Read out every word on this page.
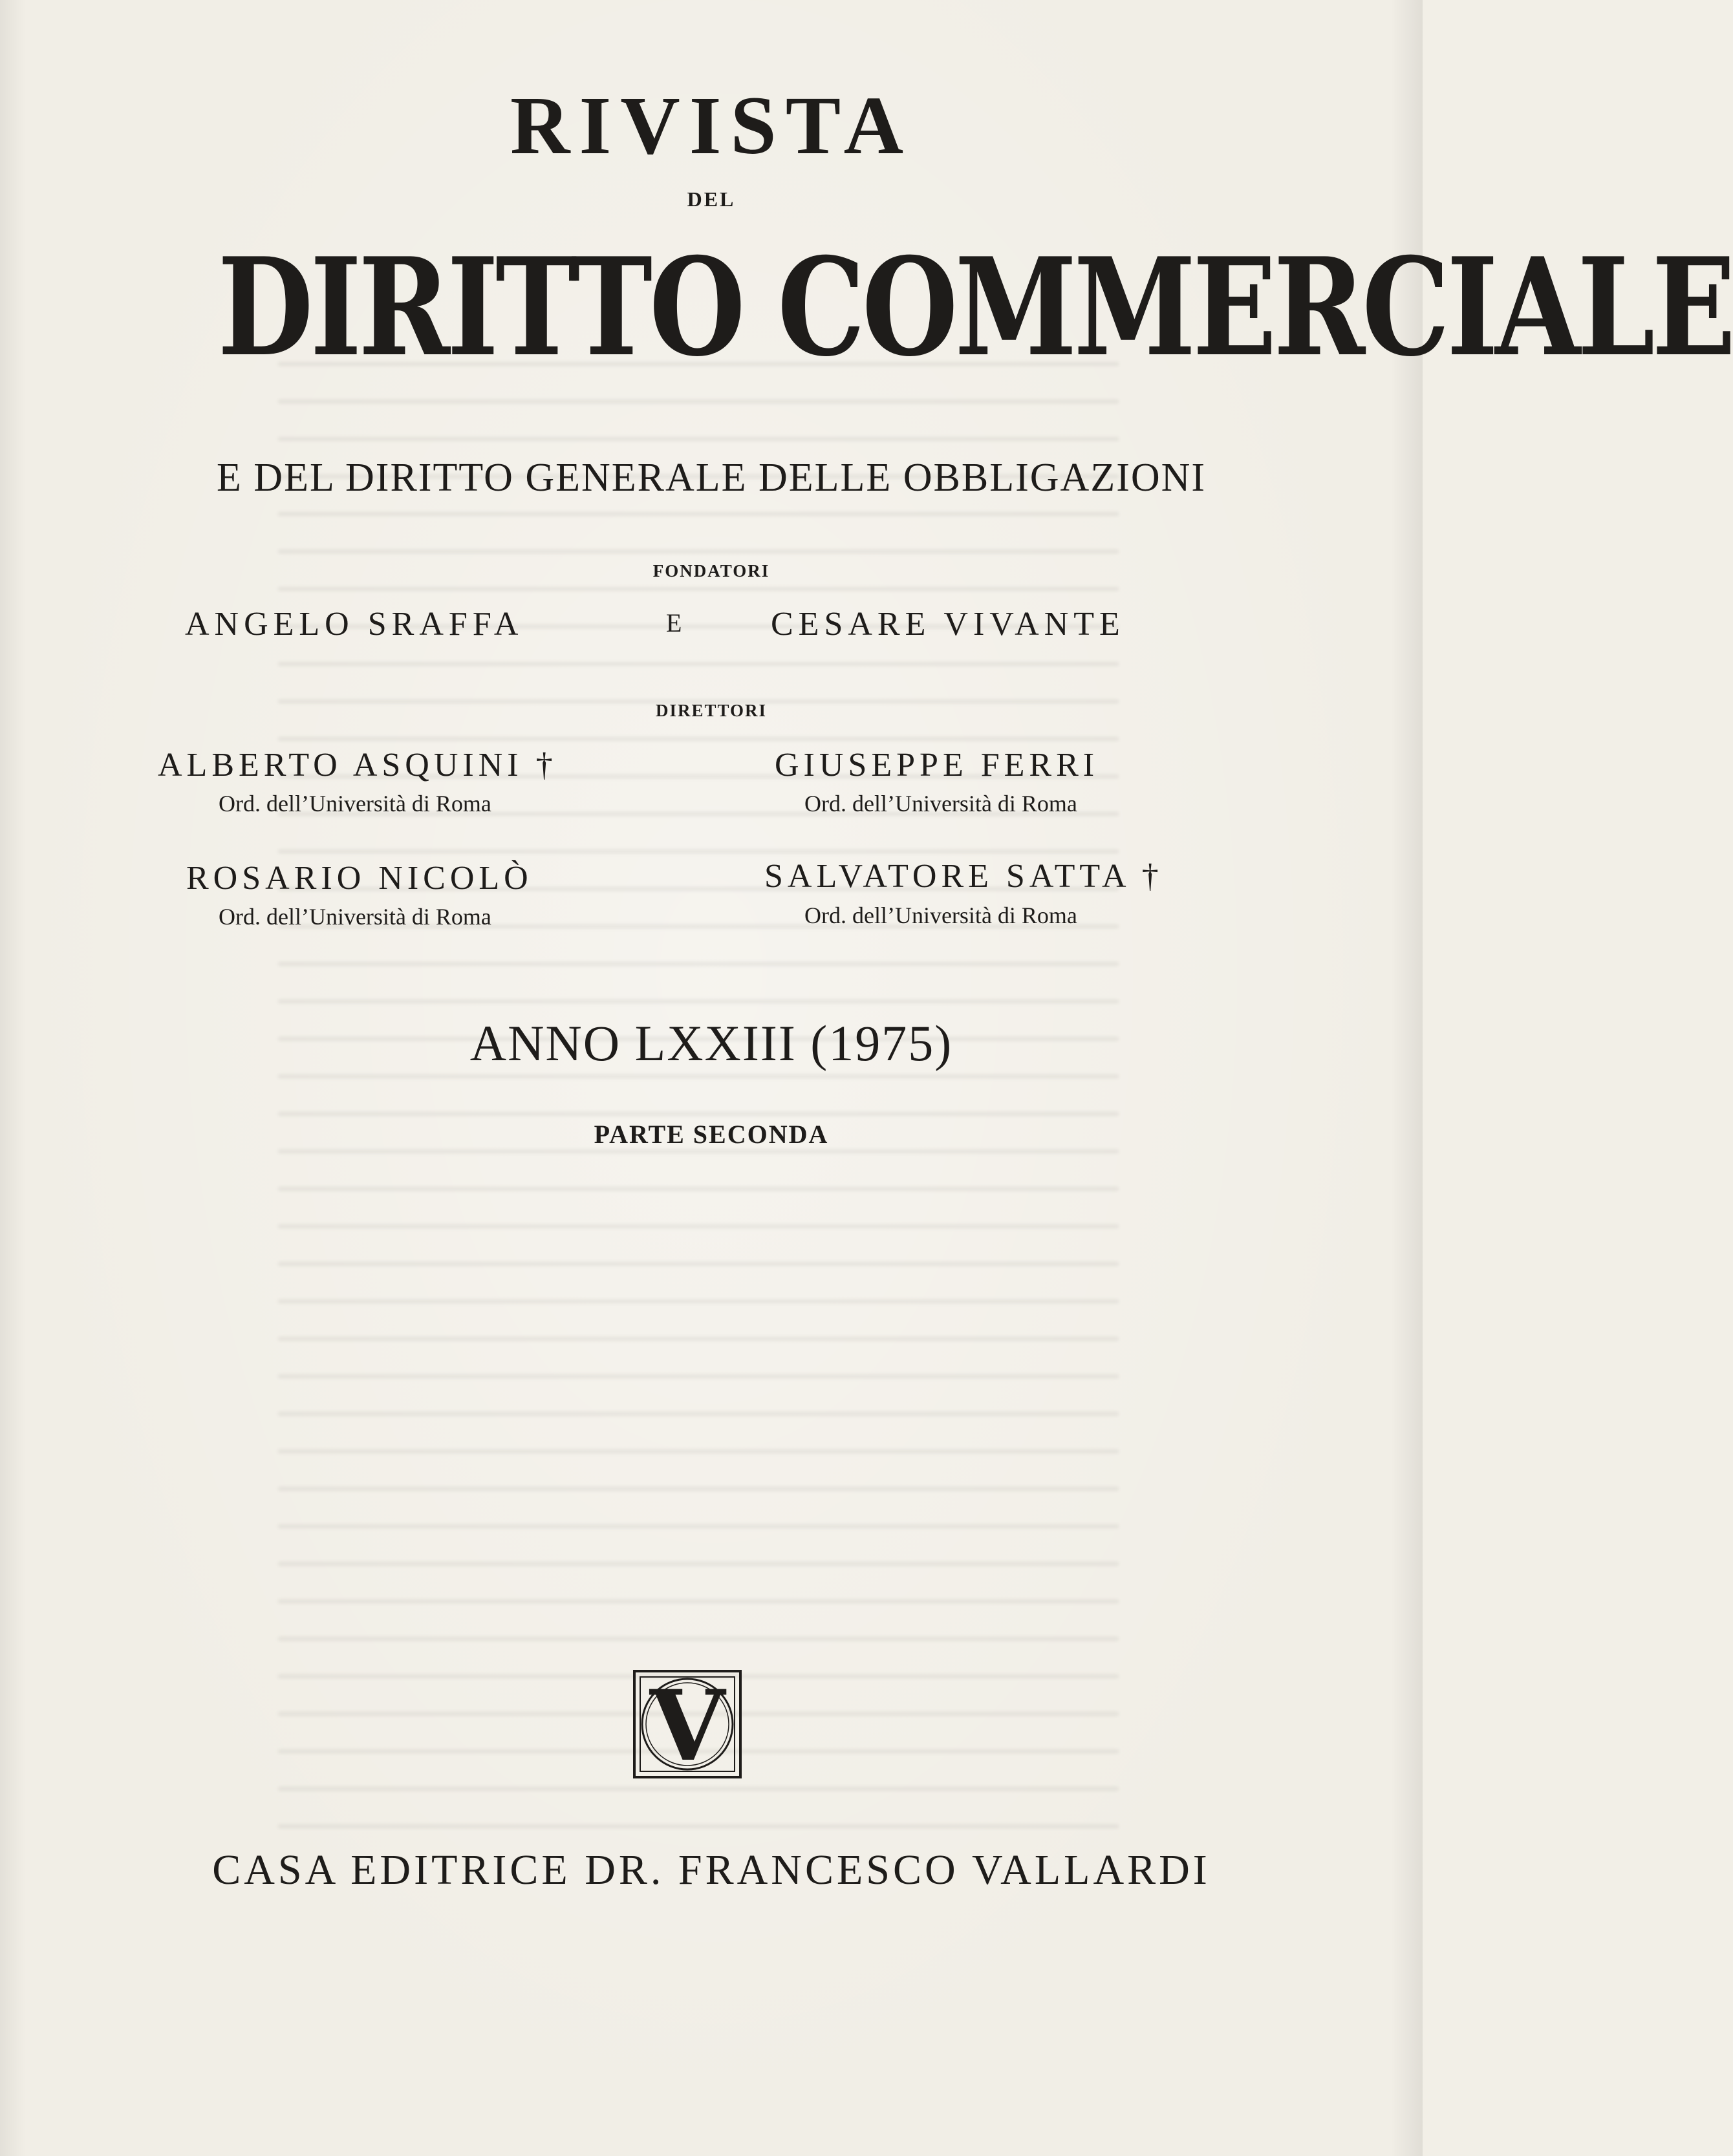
RIVISTA
DEL
DIRITTO COMMERCIALE
E DEL DIRITTO GENERALE DELLE OBBLIGAZIONI
FONDATORI
ANGELO SRAFFA	E	CESARE VIVANTE
DIRETTORI
ALBERTO ASQUINI †
Ord. dell’Università di Roma
GIUSEPPE FERRI
Ord. dell’Università di Roma
ROSARIO NICOLÒ
Ord. dell’Università di Roma
SALVATORE SATTA †
Ord. dell’Università di Roma
ANNO LXXIII (1975)
PARTE SECONDA
V
CASA EDITRICE DR. FRANCESCO VALLARDI
